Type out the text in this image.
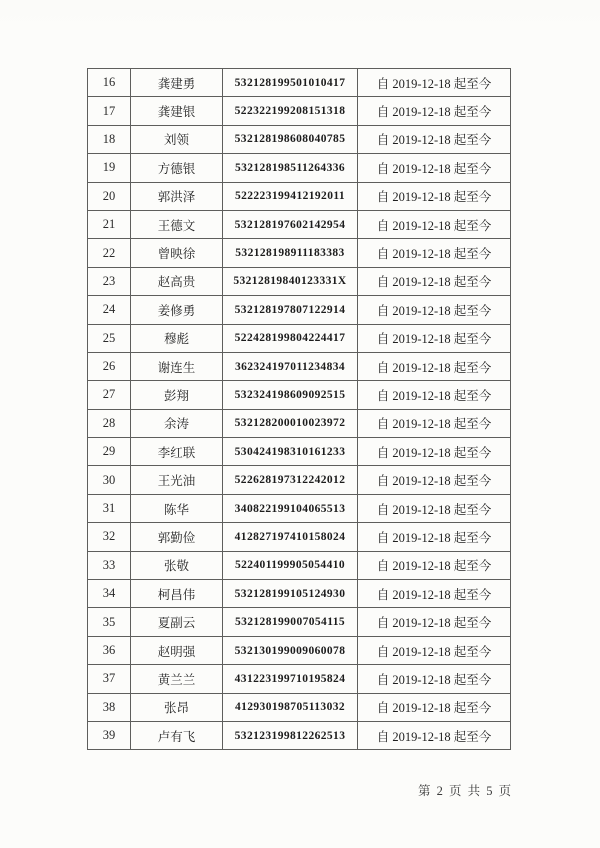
16	龚建勇	532128199501010417	自 2019-12-18 起至今
17	龚建银	522322199208151318	自 2019-12-18 起至今
18	刘领	532128198608040785	自 2019-12-18 起至今
19	方德银	532128198511264336	自 2019-12-18 起至今
20	郭洪泽	522223199412192011	自 2019-12-18 起至今
21	王德文	532128197602142954	自 2019-12-18 起至今
22	曾映徐	532128198911183383	自 2019-12-18 起至今
23	赵高贵	53212819840123331X	自 2019-12-18 起至今
24	姜修勇	532128197807122914	自 2019-12-18 起至今
25	穆彪	522428199804224417	自 2019-12-18 起至今
26	谢连生	362324197011234834	自 2019-12-18 起至今
27	彭翔	532324198609092515	自 2019-12-18 起至今
28	余涛	532128200010023972	自 2019-12-18 起至今
29	李红联	530424198310161233	自 2019-12-18 起至今
30	王光油	522628197312242012	自 2019-12-18 起至今
31	陈华	340822199104065513	自 2019-12-18 起至今
32	郭勤俭	412827197410158024	自 2019-12-18 起至今
33	张敬	522401199905054410	自 2019-12-18 起至今
34	柯昌伟	532128199105124930	自 2019-12-18 起至今
35	夏副云	532128199007054115	自 2019-12-18 起至今
36	赵明强	532130199009060078	自 2019-12-18 起至今
37	黄兰兰	431223199710195824	自 2019-12-18 起至今
38	张昂	412930198705113032	自 2019-12-18 起至今
39	卢有飞	532123199812262513	自 2019-12-18 起至今
第 2 页 共 5 页
